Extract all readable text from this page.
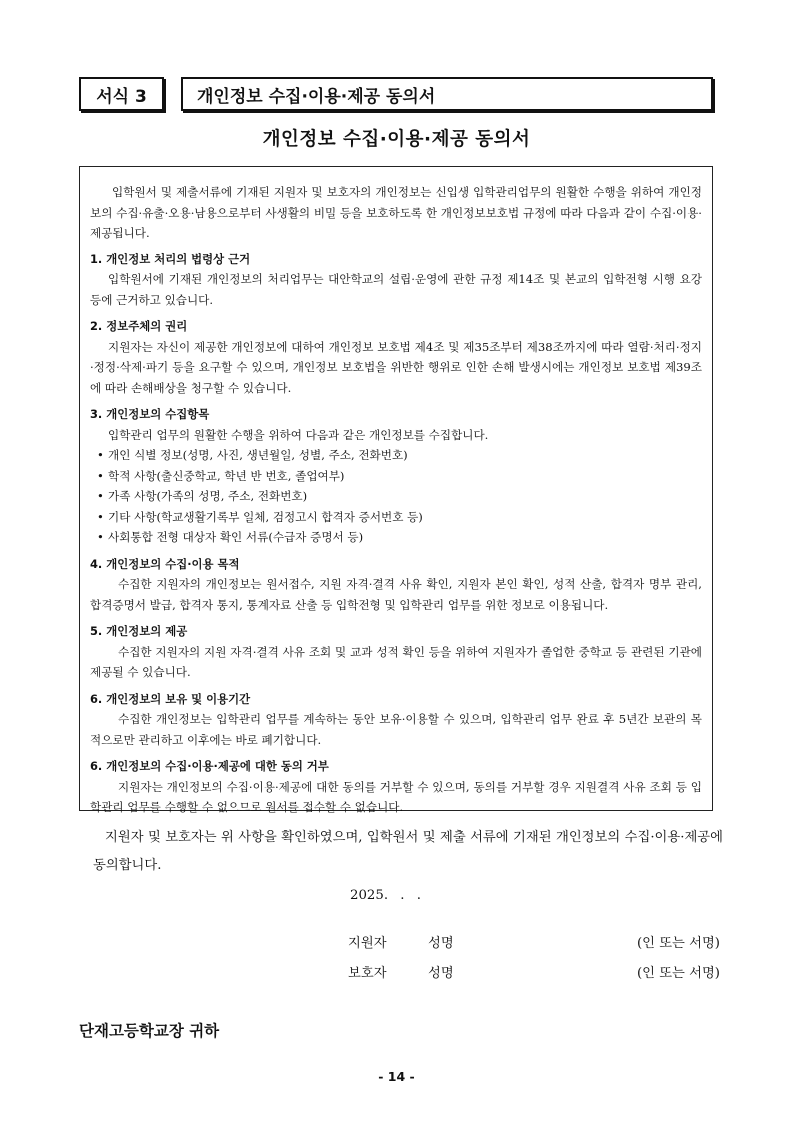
서식 3	개인정보 수집·이용·제공 동의서
개인정보 수집·이용·제공 동의서

입학원서 및 제출서류에 기재된 지원자 및 보호자의 개인정보는 신입생 입학관리업무의 원활한 수행을 위하여 개인정보의 수집·유출·오용·남용으로부터 사생활의 비밀 등을 보호하도록 한 개인정보보호법 규정에 따라 다음과 같이 수집·이용·제공됩니다.

1. 개인정보 처리의 법령상 근거

입학원서에 기재된 개인정보의 처리업무는 대안학교의 설립·운영에 관한 규정 제14조 및 본교의 입학전형 시행 요강 등에 근거하고 있습니다.

2. 정보주체의 권리

지원자는 자신이 제공한 개인정보에 대하여 개인정보 보호법 제4조 및 제35조부터 제38조까지에 따라 열람·처리·정지·정정·삭제·파기 등을 요구할 수 있으며, 개인정보 보호법을 위반한 행위로 인한 손해 발생시에는 개인정보 보호법 제39조에 따라 손해배상을 청구할 수 있습니다.

3. 개인정보의 수집항목

입학관리 업무의 원활한 수행을 위하여 다음과 같은 개인정보를 수집합니다.

• 개인 식별 정보(성명, 사진, 생년월일, 성별, 주소, 전화번호)
• 학적 사항(출신중학교, 학년 반 번호, 졸업여부)
• 가족 사항(가족의 성명, 주소, 전화번호)
• 기타 사항(학교생활기록부 일체, 검정고시 합격자 증서번호 등)
• 사회통합 전형 대상자 확인 서류(수급자 증명서 등)

4. 개인정보의 수집·이용 목적

수집한 지원자의 개인정보는 원서접수, 지원 자격·결격 사유 확인, 지원자 본인 확인, 성적 산출, 합격자 명부 관리, 합격증명서 발급, 합격자 통지, 통계자료 산출 등 입학전형 및 입학관리 업무를 위한 정보로 이용됩니다.

5. 개인정보의 제공

수집한 지원자의 지원 자격·결격 사유 조회 및 교과 성적 확인 등을 위하여 지원자가 졸업한 중학교 등 관련된 기관에 제공될 수 있습니다.

6. 개인정보의 보유 및 이용기간

수집한 개인정보는 입학관리 업무를 계속하는 동안 보유·이용할 수 있으며, 입학관리 업무 완료 후 5년간 보관의 목적으로만 관리하고 이후에는 바로 폐기합니다.

6. 개인정보의 수집·이용·제공에 대한 동의 거부

지원자는 개인정보의 수집·이용·제공에 대한 동의를 거부할 수 있으며, 동의를 거부할 경우 지원결격 사유 조회 등 입학관리 업무를 수행할 수 없으므로 원서를 접수할 수 없습니다.

지원자 및 보호자는 위 사항을 확인하였으며, 입학원서 및 제출 서류에 기재된 개인정보의 수집·이용·제공에 동의합니다.
2025. . .
지원자	성명	(인 또는 서명)
보호자	성명	(인 또는 서명)
단재고등학교장 귀하
- 14 -
